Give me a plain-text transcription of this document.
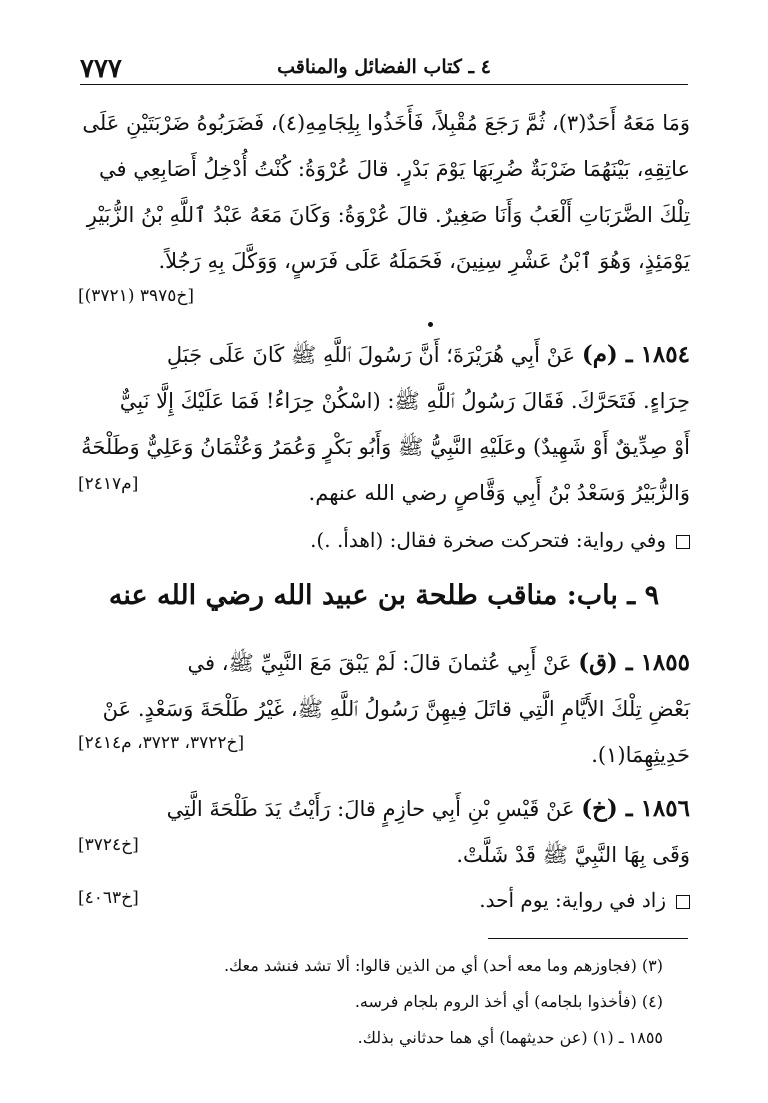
٧٧٧	٤ ـ كتاب الفضائل والمناقب

وَمَا مَعَهُ أَحَدٌ(٣)، ثُمَّ رَجَعَ مُقْبِلاً، فَأَخَذُوا بِلِجَامِهِ(٤)، فَضَرَبُوهُ ضَرْبَتَيْنِ عَلَى

عاتِقِهِ، بَيْنَهُمَا ضَرْبَةٌ ضُرِبَهَا يَوْمَ بَدْرٍ. قالَ عُرْوَةُ: كُنْتُ أُدْخِلُ أَصَابِعِي في

تِلْكَ الضَّرَبَاتِ أَلْعَبُ وَأَنَا صَغِيرٌ. قالَ عُرْوَةُ: وَكَانَ مَعَهُ عَبْدُ ٱللَّهِ بْنُ الزُّبَيْرِ

يَوْمَئِذٍ، وَهُوَ ٱبْنُ عَشْرِ سِنِينَ، فَحَمَلَهُ عَلَى فَرَسٍ، وَوَكَّلَ بِهِ رَجُلاً.

[خ٣٩٧٥ (٣٧٢١)]

١٨٥٤ ـ (م) عَنْ أَبِي هُرَيْرَةَ؛ أَنَّ رَسُولَ ٱللَّهِ ﷺ كَانَ عَلَى جَبَلِ

حِرَاءٍ. فَتَحَرَّكَ. فَقَالَ رَسُولُ ٱللَّهِ ﷺ: (اسْكُنْ حِرَاءُ! فَمَا عَلَيْكَ إِلَّا نَبِيٌّ

أَوْ صِدِّيقٌ أَوْ شَهِيدٌ) وعَلَيْهِ النَّبِيُّ ﷺ وَأَبُو بَكْرٍ وَعُمَرُ وَعُثْمَانُ وَعَلِيٌّ وَطَلْحَةُ

وَالزُّبَيْرُ وَسَعْدُ بْنُ أَبِي وَقَّاصٍ رضي الله عنهم.

[م٢٤١٧]
وفي رواية: فتحركت صخرة فقال: (اهدأ. .).
٩ ـ باب: مناقب طلحة بن عبيد الله رضي الله عنه

١٨٥٥ ـ (ق) عَنْ أَبِي عُثمانَ قالَ: لَمْ يَبْقَ مَعَ النَّبِيِّ ﷺ، في

بَعْضِ تِلْكَ الأَيَّامِ الَّتِي قاتَلَ فِيهِنَّ رَسُولُ ٱللَّهِ ﷺ، غَيْرُ طَلْحَةَ وَسَعْدٍ. عَنْ

حَدِيثِهِمَا(١).

[خ٣٧٢٢، ٣٧٢٣، م٢٤١٤]

١٨٥٦ ـ (خ) عَنْ قَيْسِ بْنِ أَبِي حازِمٍ قالَ: رَأَيْتُ يَدَ طَلْحَةَ الَّتِي

وَقَى بِهَا النَّبِيَّ ﷺ قَدْ شَلَّتْ.

[خ٣٧٢٤]
زاد في رواية: يوم أحد.
[خ٤٠٦٣]
(٣) (فجاوزهم وما معه أحد) أي من الذين قالوا: ألا تشد فنشد معك.
(٤) (فأخذوا بلجامه) أي أخذ الروم بلجام فرسه.
١٨٥٥ ـ (١) (عن حديثهما) أي هما حدثاني بذلك.
